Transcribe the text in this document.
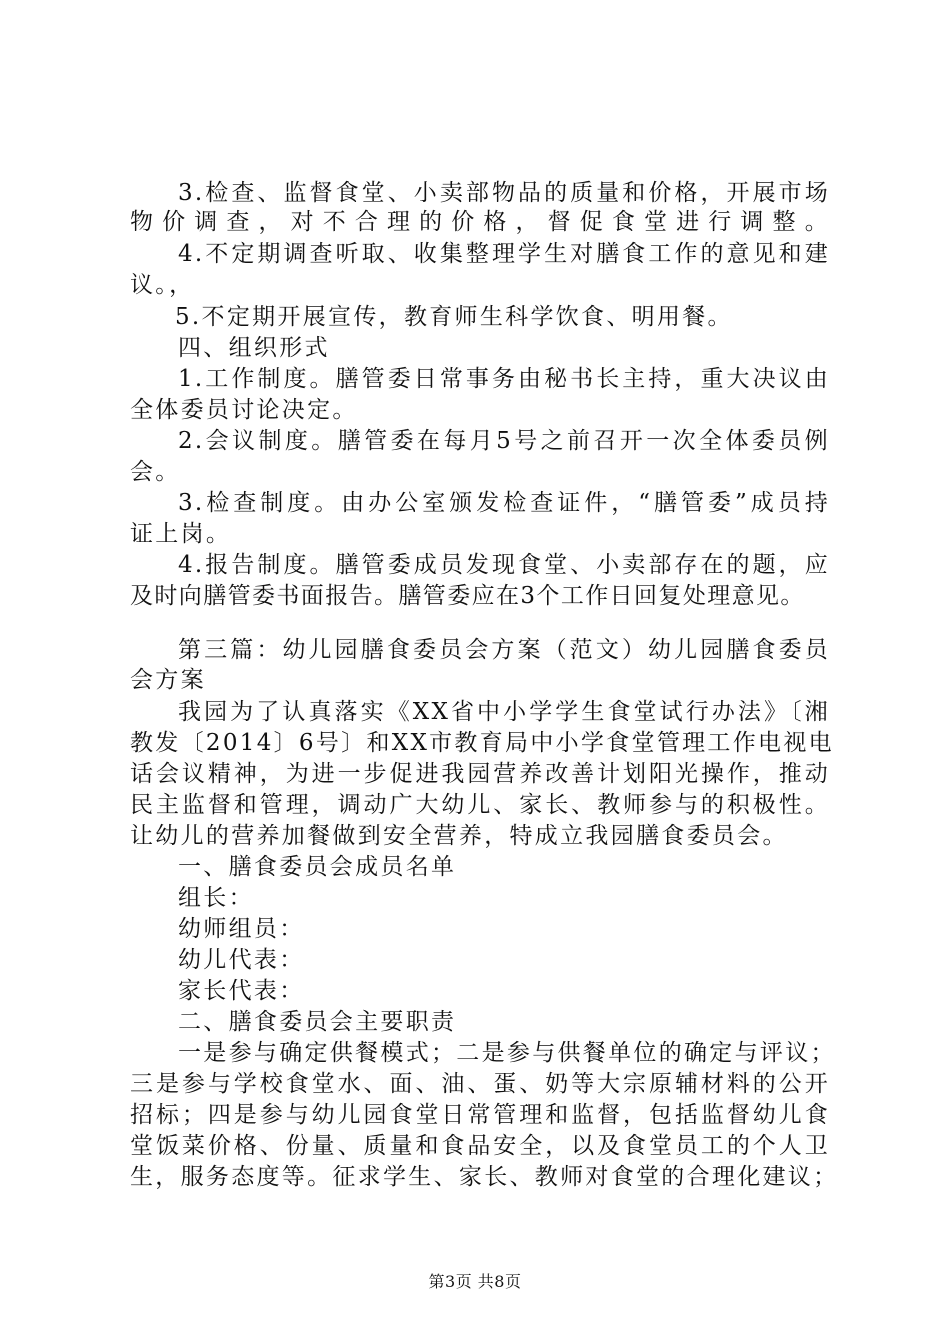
3.检查、监督食堂、小卖部物品的质量和价格，开展市场
物价调查，对不合理的价格，督促食堂进行调整。
4.不定期调查听取、收集整理学生对膳食工作的意见和建
议。，
5.不定期开展宣传，教育师生科学饮食、明用餐。
四、组织形式
1.工作制度。膳管委日常事务由秘书长主持，重大决议由
全体委员讨论决定。
2.会议制度。膳管委在每月5号之前召开一次全体委员例
会。
3.检查制度。由办公室颁发检查证件，“膳管委”成员持
证上岗。
4.报告制度。膳管委成员发现食堂、小卖部存在的题，应
及时向膳管委书面报告。膳管委应在3个工作日回复处理意见。
第三篇：幼儿园膳食委员会方案（范文）幼儿园膳食委员
会方案
我园为了认真落实《XX省中小学学生食堂试行办法》〔湘
教发〔2014〕6号〕和XX市教育局中小学食堂管理工作电视电
话会议精神，为进一步促进我园营养改善计划阳光操作，推动
民主监督和管理，调动广大幼儿、家长、教师参与的积极性。
让幼儿的营养加餐做到安全营养，特成立我园膳食委员会。
一、膳食委员会成员名单
组长：
幼师组员：
幼儿代表：
家长代表：
二、膳食委员会主要职责
一是参与确定供餐模式；二是参与供餐单位的确定与评议；
三是参与学校食堂水、面、油、蛋、奶等大宗原辅材料的公开
招标；四是参与幼儿园食堂日常管理和监督，包括监督幼儿食
堂饭菜价格、份量、质量和食品安全，以及食堂员工的个人卫
生，服务态度等。征求学生、家长、教师对食堂的合理化建议；
第3页 共8页
